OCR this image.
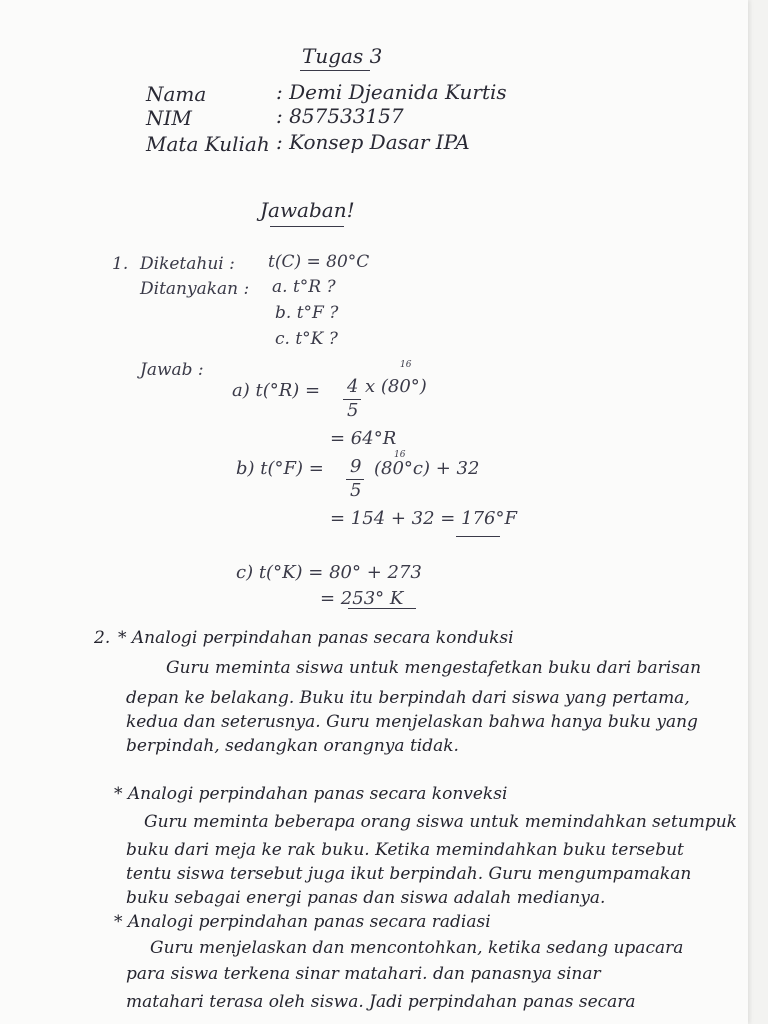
Tugas 3
Nama	: Demi Djeanida Kurtis
NIM	: 857533157
Mata Kuliah : Konsep Dasar IPA
Jawaban!
1. Diketahui : t(C) = 80°C
Ditanyakan : a. t°R ?
b. t°F ?
c. t°K ?
Jawab :
a) t(°R) = 4
5
x (80°)
16
= 64°R
b) t(°F) = 9
5
(80°c) + 32
16
= 154 + 32 = 176°F
c) t(°K) = 80° + 273
= 253° K
2. * Analogi perpindahan panas secara konduksi
Guru meminta siswa untuk mengestafetkan buku dari barisan
depan ke belakang. Buku itu berpindah dari siswa yang pertama,
kedua dan seterusnya. Guru menjelaskan bahwa hanya buku yang
berpindah, sedangkan orangnya tidak.
* Analogi perpindahan panas secara konveksi
Guru meminta beberapa orang siswa untuk memindahkan setumpuk
buku dari meja ke rak buku. Ketika memindahkan buku tersebut
tentu siswa tersebut juga ikut berpindah. Guru mengumpamakan
buku sebagai energi panas dan siswa adalah medianya.
* Analogi perpindahan panas secara radiasi
Guru menjelaskan dan mencontohkan, ketika sedang upacara
para siswa terkena sinar matahari. dan panasnya sinar
matahari terasa oleh siswa. Jadi perpindahan panas secara
